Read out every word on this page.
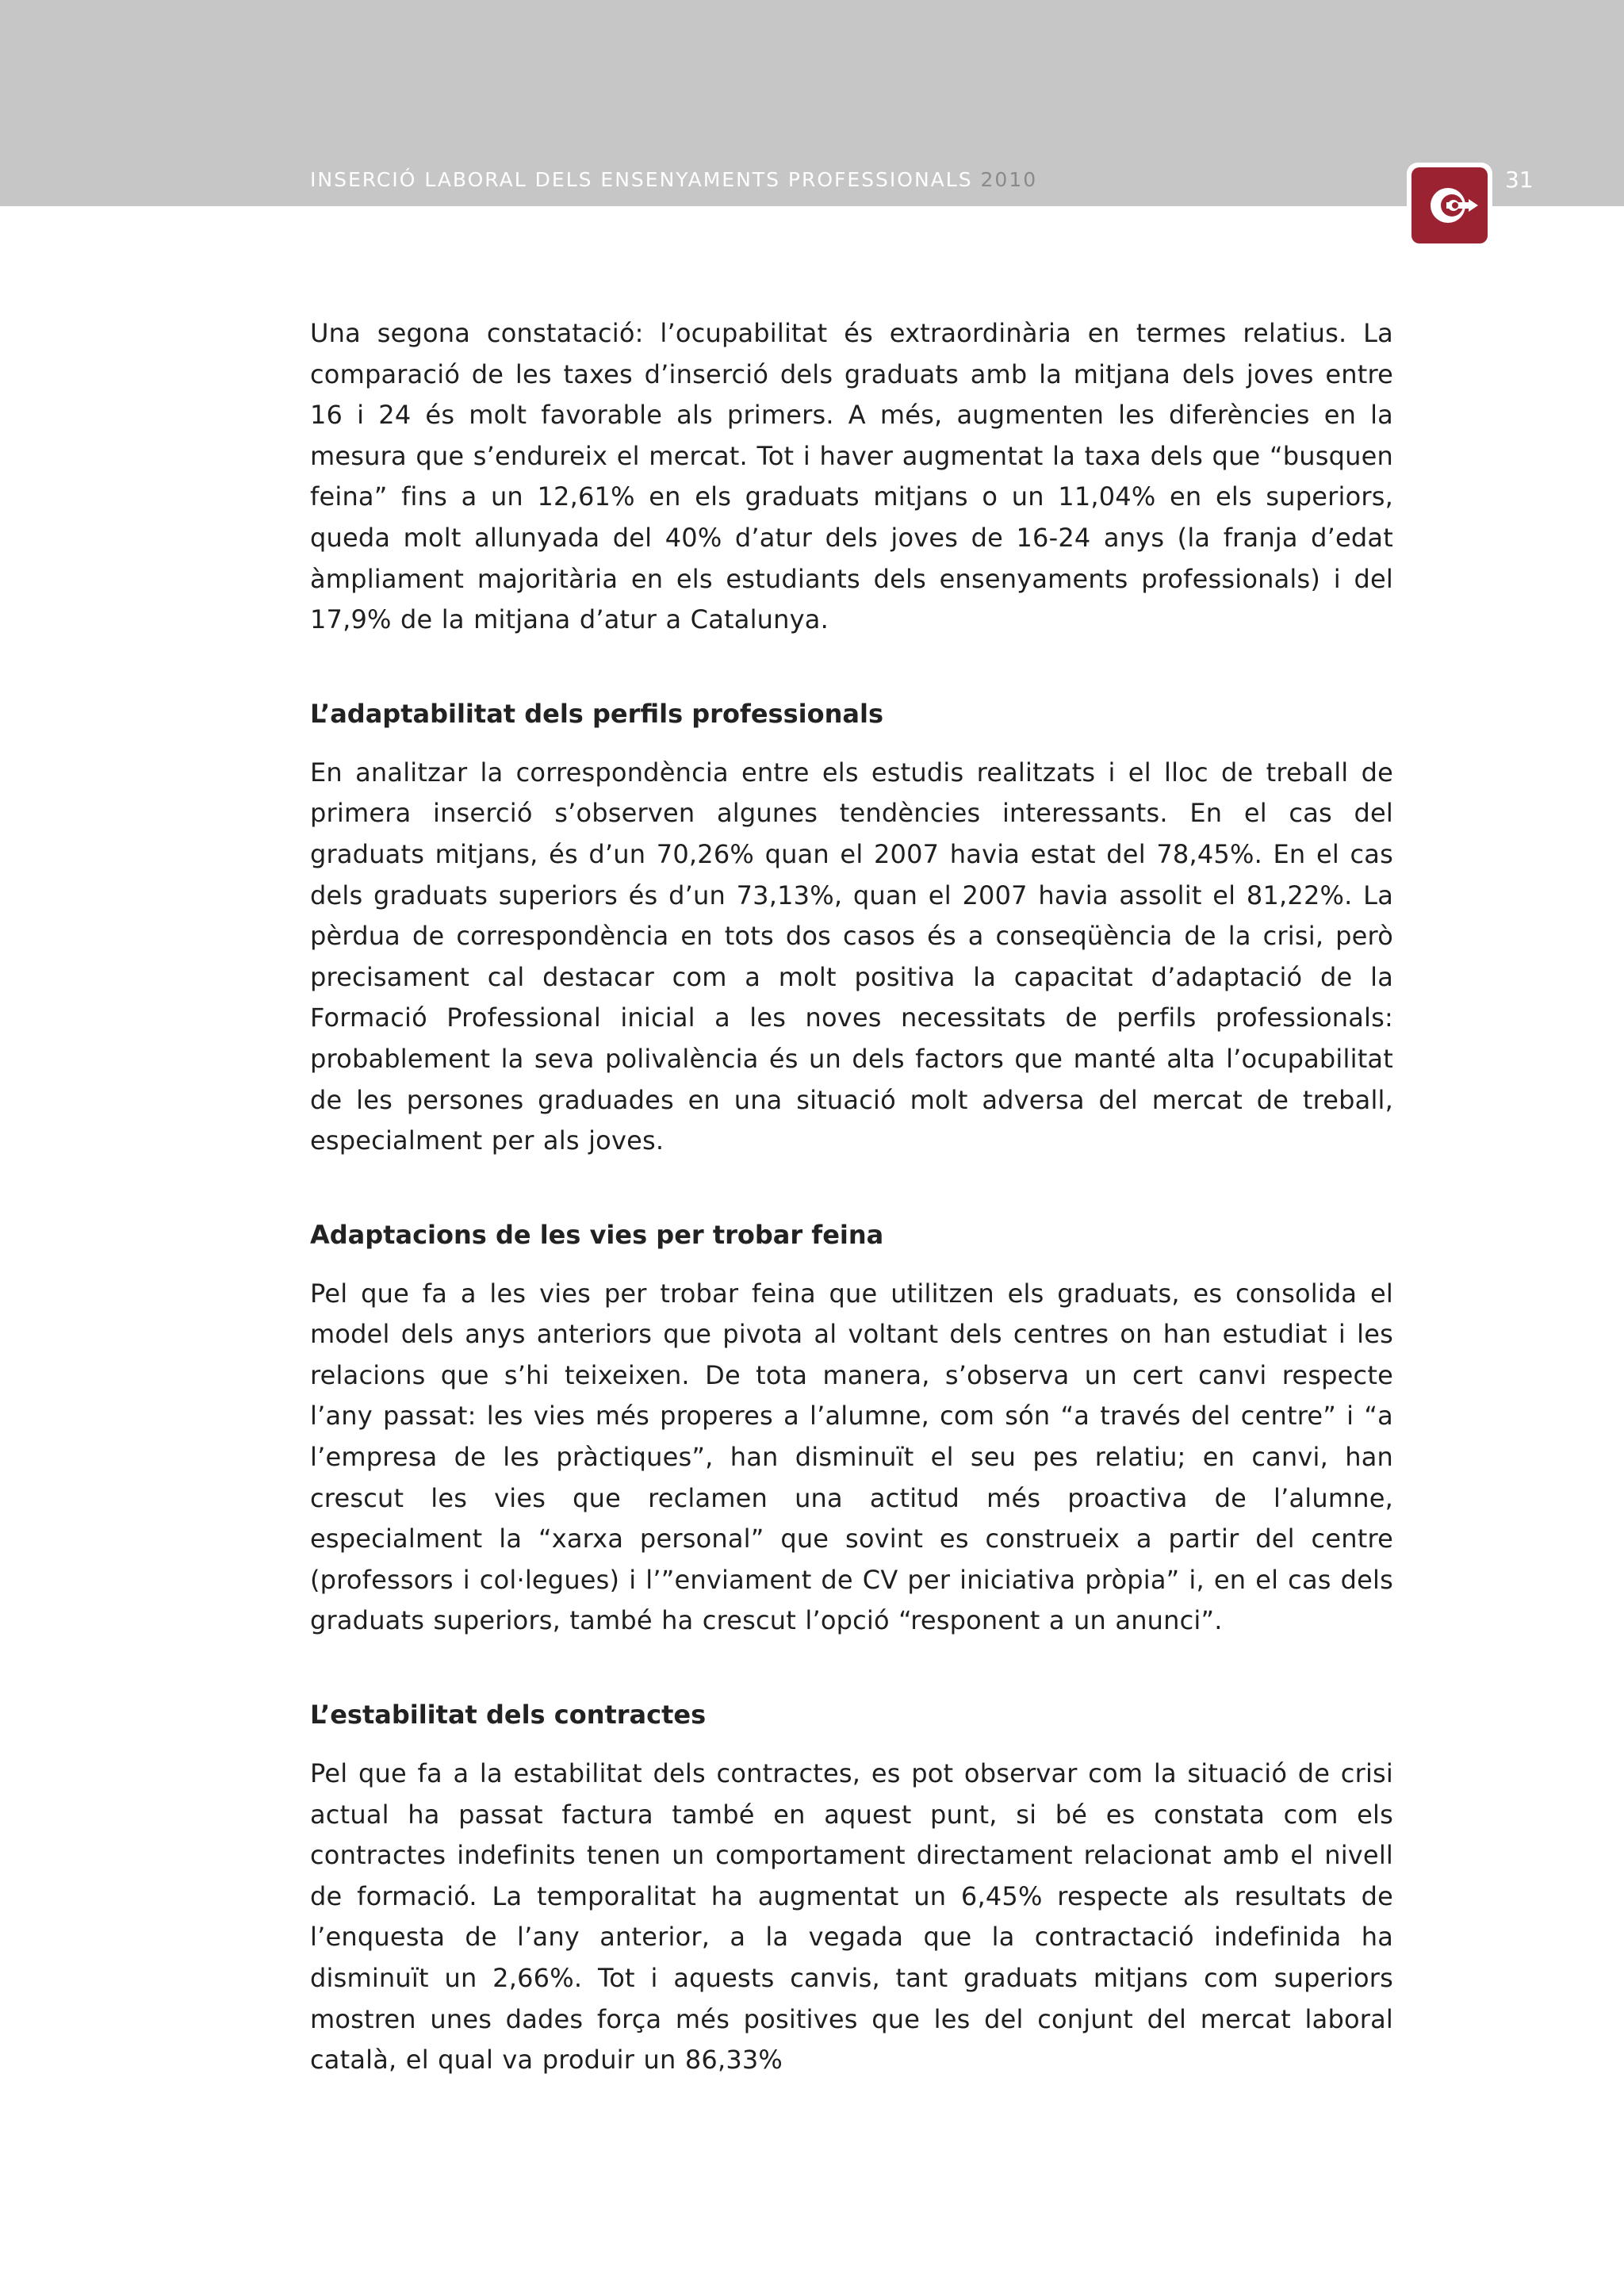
INSERCIÓ LABORAL DELS ENSENYAMENTS PROFESSIONALS 2010	31

Una segona constatació: l’ocupabilitat és extraordinària en termes relatius. La comparació de les taxes d’inserció dels graduats amb la mitjana dels joves entre 16 i 24 és molt favorable als primers. A més, augmenten les diferències en la mesura que s’endureix el mercat. Tot i haver augmentat la taxa dels que “busquen feina” fins a un 12,61% en els graduats mitjans o un 11,04% en els superiors, queda molt allunyada del 40% d’atur dels joves de 16-24 anys (la franja d’edat àmpliament majoritària en els estudiants dels ensenyaments professionals) i del 17,9% de la mitjana d’atur a Catalunya.

L’adaptabilitat dels perfils professionals

En analitzar la correspondència entre els estudis realitzats i el lloc de treball de primera inserció s’observen algunes tendències interessants. En el cas del graduats mitjans, és d’un 70,26% quan el 2007 havia estat del 78,45%. En el cas dels graduats superiors és d’un 73,13%, quan el 2007 havia assolit el 81,22%. La pèrdua de correspondència en tots dos casos és a conseqüència de la crisi, però precisament cal destacar com a molt positiva la capacitat d’adaptació de la Formació Professional inicial a les noves necessitats de perfils professionals: probablement la seva polivalència és un dels factors que manté alta l’ocupabilitat de les persones graduades en una situació molt adversa del mercat de treball, especialment per als joves.

Adaptacions de les vies per trobar feina

Pel que fa a les vies per trobar feina que utilitzen els graduats, es consolida el model dels anys anteriors que pivota al voltant dels centres on han estudiat i les relacions que s’hi teixeixen. De tota manera, s’observa un cert canvi respecte l’any passat: les vies més properes a l’alumne, com són “a través del centre” i “a l’empresa de les pràctiques”, han disminuït el seu pes relatiu; en canvi, han crescut les vies que reclamen una actitud més proactiva de l’alumne, especialment la “xarxa personal” que sovint es construeix a partir del centre (professors i col·legues) i l’”enviament de CV per iniciativa pròpia” i, en el cas dels graduats superiors, també ha crescut l’opció “responent a un anunci”.

L’estabilitat dels contractes

Pel que fa a la estabilitat dels contractes, es pot observar com la situació de crisi actual ha passat factura també en aquest punt, si bé es constata com els contractes indefinits tenen un comportament directament relacionat amb el nivell de formació. La temporalitat ha augmentat un 6,45% respecte als resultats de l’enquesta de l’any anterior, a la vegada que la contractació indefinida ha disminuït un 2,66%. Tot i aquests canvis, tant graduats mitjans com superiors mostren unes dades força més positives que les del conjunt del mercat laboral català, el qual va produir un 86,33%
